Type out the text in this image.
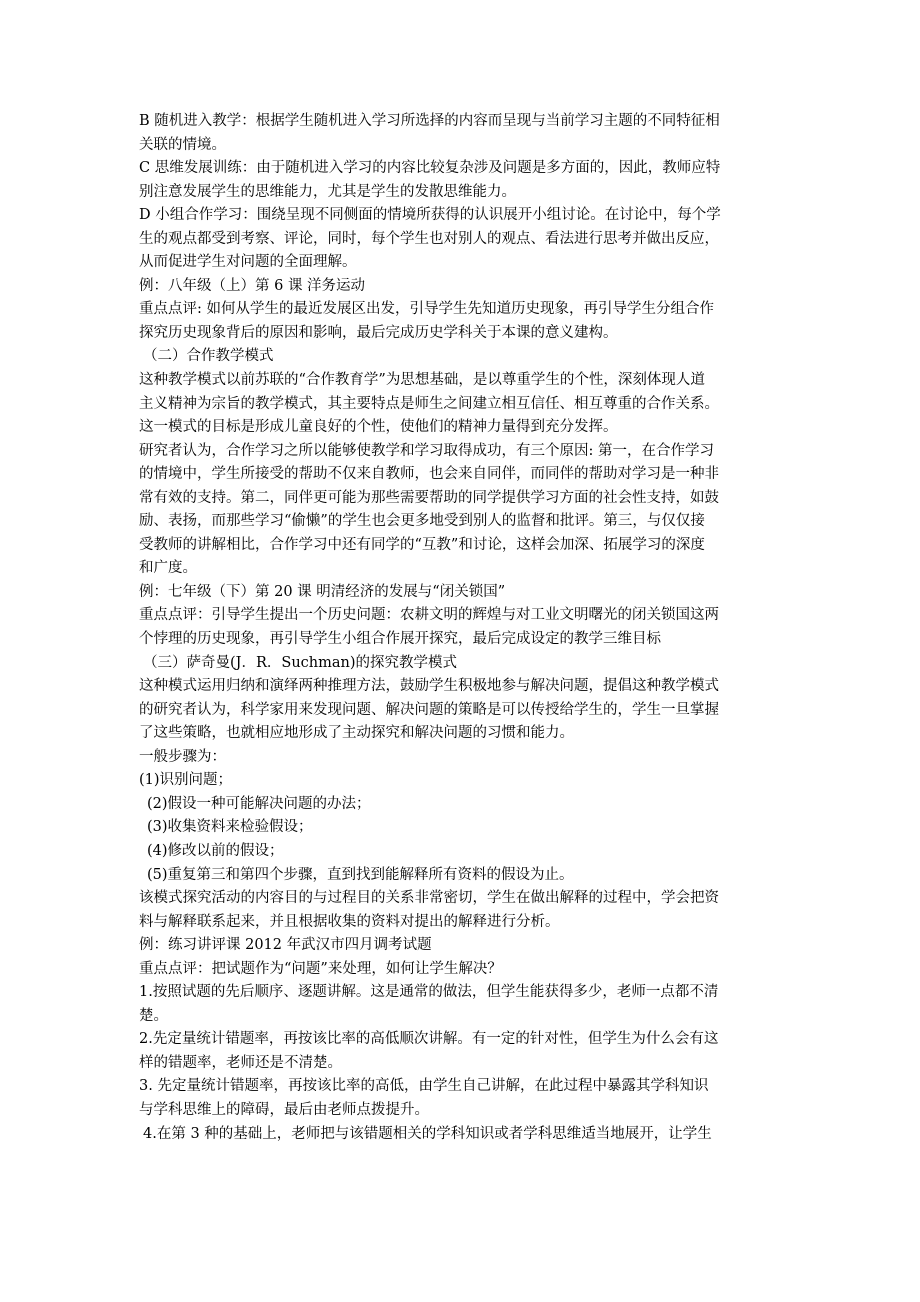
B 随机进入教学：根据学生随机进入学习所选择的内容而呈现与当前学习主题的不同特征相
关联的情境。
C 思维发展训练：由于随机进入学习的内容比较复杂涉及问题是多方面的，因此，教师应特
别注意发展学生的思维能力，尤其是学生的发散思维能力。
D 小组合作学习：围绕呈现不同侧面的情境所获得的认识展开小组讨论。在讨论中，每个学
生的观点都受到考察、评论，同时，每个学生也对别人的观点、看法进行思考并做出反应，
从而促进学生对问题的全面理解。
例：八年级（上）第 6 课 洋务运动
重点点评: 如何从学生的最近发展区出发，引导学生先知道历史现象，再引导学生分组合作
探究历史现象背后的原因和影响，最后完成历史学科关于本课的意义建构。
（二）合作教学模式
这种教学模式以前苏联的“合作教育学”为思想基础，是以尊重学生的个性，深刻体现人道
主义精神为宗旨的教学模式，其主要特点是师生之间建立相互信任、相互尊重的合作关系。
这一模式的目标是形成儿童良好的个性，使他们的精神力量得到充分发挥。
研究者认为，合作学习之所以能够使教学和学习取得成功，有三个原因: 第一，在合作学习
的情境中，学生所接受的帮助不仅来自教师，也会来自同伴，而同伴的帮助对学习是一种非
常有效的支持。第二，同伴更可能为那些需要帮助的同学提供学习方面的社会性支持，如鼓
励、表扬，而那些学习“偷懒”的学生也会更多地受到别人的监督和批评。第三，与仅仅接
受教师的讲解相比，合作学习中还有同学的“互教”和讨论，这样会加深、拓展学习的深度
和广度。
例：七年级（下）第 20 课 明清经济的发展与“闭关锁国”
重点点评：引导学生提出一个历史问题：农耕文明的辉煌与对工业文明曙光的闭关锁国这两
个悖理的历史现象，再引导学生小组合作展开探究，最后完成设定的教学三维目标
（三）萨奇曼(J．R．Suchman)的探究教学模式
这种模式运用归纳和演绎两种推理方法，鼓励学生积极地参与解决问题，提倡这种教学模式
的研究者认为，科学家用来发现问题、解决问题的策略是可以传授给学生的，学生一旦掌握
了这些策略，也就相应地形成了主动探究和解决问题的习惯和能力。
一般步骤为：
(1)识别问题；
(2)假设一种可能解决问题的办法；
(3)收集资料来检验假设；
(4)修改以前的假设；
(5)重复第三和第四个步骤，直到找到能解释所有资料的假设为止。
该模式探究活动的内容目的与过程目的关系非常密切，学生在做出解释的过程中，学会把资
料与解释联系起来，并且根据收集的资料对提出的解释进行分析。
例：练习讲评课 2012 年武汉市四月调考试题
重点点评：把试题作为“问题”来处理，如何让学生解决？
1.按照试题的先后顺序、逐题讲解。这是通常的做法，但学生能获得多少，老师一点都不清
楚。
2.先定量统计错题率，再按该比率的高低顺次讲解。有一定的针对性，但学生为什么会有这
样的错题率，老师还是不清楚。
3. 先定量统计错题率，再按该比率的高低，由学生自己讲解，在此过程中暴露其学科知识
与学科思维上的障碍，最后由老师点拨提升。
4.在第 3 种的基础上，老师把与该错题相关的学科知识或者学科思维适当地展开，让学生
